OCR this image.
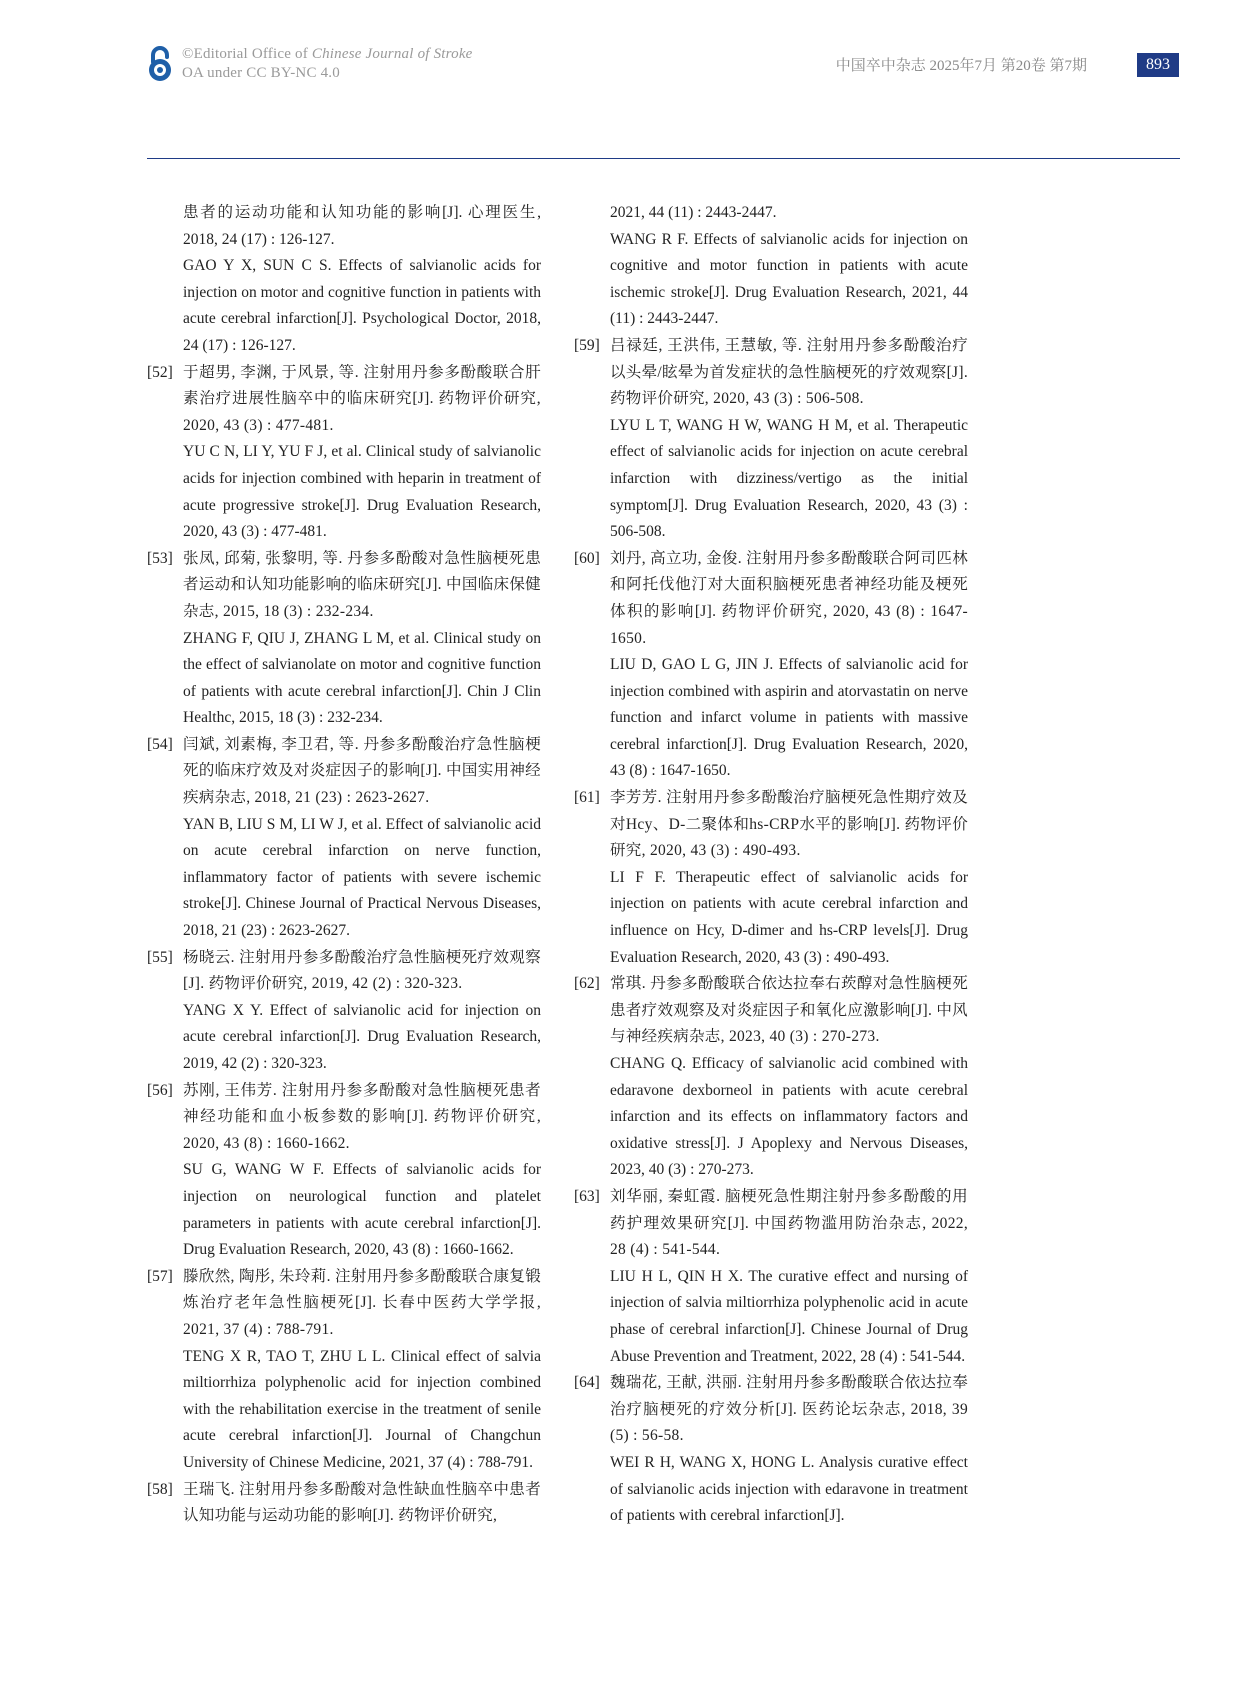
©Editorial Office of Chinese Journal of Stroke
OA under CC BY-NC 4.0	中国卒中杂志 2025年7月 第20卷 第7期	893

患者的运动功能和认知功能的影响[J]. 心理医生, 2018, 24 (17) : 126-127.

GAO Y X, SUN C S. Effects of salvianolic acids for injection on motor and cognitive function in patients with acute cerebral infarction[J]. Psychological Doctor, 2018, 24 (17) : 126-127.

[52] 于超男, 李渊, 于风景, 等. 注射用丹参多酚酸联合肝素治疗进展性脑卒中的临床研究[J]. 药物评价研究, 2020, 43 (3) : 477-481.

YU C N, LI Y, YU F J, et al. Clinical study of salvianolic acids for injection combined with heparin in treatment of acute progressive stroke[J]. Drug Evaluation Research, 2020, 43 (3) : 477-481.

[53] 张凤, 邱菊, 张黎明, 等. 丹参多酚酸对急性脑梗死患者运动和认知功能影响的临床研究[J]. 中国临床保健杂志, 2015, 18 (3) : 232-234.

ZHANG F, QIU J, ZHANG L M, et al. Clinical study on the effect of salvianolate on motor and cognitive function of patients with acute cerebral infarction[J]. Chin J Clin Healthc, 2015, 18 (3) : 232-234.

[54] 闫斌, 刘素梅, 李卫君, 等. 丹参多酚酸治疗急性脑梗死的临床疗效及对炎症因子的影响[J]. 中国实用神经疾病杂志, 2018, 21 (23) : 2623-2627.

YAN B, LIU S M, LI W J, et al. Effect of salvianolic acid on acute cerebral infarction on nerve function, inflammatory factor of patients with severe ischemic stroke[J]. Chinese Journal of Practical Nervous Diseases, 2018, 21 (23) : 2623-2627.

[55] 杨晓云. 注射用丹参多酚酸治疗急性脑梗死疗效观察[J]. 药物评价研究, 2019, 42 (2) : 320-323.

YANG X Y. Effect of salvianolic acid for injection on acute cerebral infarction[J]. Drug Evaluation Research, 2019, 42 (2) : 320-323.

[56] 苏刚, 王伟芳. 注射用丹参多酚酸对急性脑梗死患者神经功能和血小板参数的影响[J]. 药物评价研究, 2020, 43 (8) : 1660-1662.

SU G, WANG W F. Effects of salvianolic acids for injection on neurological function and platelet parameters in patients with acute cerebral infarction[J]. Drug Evaluation Research, 2020, 43 (8) : 1660-1662.

[57] 滕欣然, 陶彤, 朱玲莉. 注射用丹参多酚酸联合康复锻炼治疗老年急性脑梗死[J]. 长春中医药大学学报, 2021, 37 (4) : 788-791.

TENG X R, TAO T, ZHU L L. Clinical effect of salvia miltiorrhiza polyphenolic acid for injection combined with the rehabilitation exercise in the treatment of senile acute cerebral infarction[J]. Journal of Changchun University of Chinese Medicine, 2021, 37 (4) : 788-791.

[58] 王瑞飞. 注射用丹参多酚酸对急性缺血性脑卒中患者认知功能与运动功能的影响[J]. 药物评价研究,

2021, 44 (11) : 2443-2447.

WANG R F. Effects of salvianolic acids for injection on cognitive and motor function in patients with acute ischemic stroke[J]. Drug Evaluation Research, 2021, 44 (11) : 2443-2447.

[59] 吕禄廷, 王洪伟, 王慧敏, 等. 注射用丹参多酚酸治疗以头晕/眩晕为首发症状的急性脑梗死的疗效观察[J]. 药物评价研究, 2020, 43 (3) : 506-508.

LYU L T, WANG H W, WANG H M, et al. Therapeutic effect of salvianolic acids for injection on acute cerebral infarction with dizziness/vertigo as the initial symptom[J]. Drug Evaluation Research, 2020, 43 (3) : 506-508.

[60] 刘丹, 高立功, 金俊. 注射用丹参多酚酸联合阿司匹林和阿托伐他汀对大面积脑梗死患者神经功能及梗死体积的影响[J]. 药物评价研究, 2020, 43 (8) : 1647-1650.

LIU D, GAO L G, JIN J. Effects of salvianolic acid for injection combined with aspirin and atorvastatin on nerve function and infarct volume in patients with massive cerebral infarction[J]. Drug Evaluation Research, 2020, 43 (8) : 1647-1650.

[61] 李芳芳. 注射用丹参多酚酸治疗脑梗死急性期疗效及对Hcy、D-二聚体和hs-CRP水平的影响[J]. 药物评价研究, 2020, 43 (3) : 490-493.

LI F F. Therapeutic effect of salvianolic acids for injection on patients with acute cerebral infarction and influence on Hcy, D-dimer and hs-CRP levels[J]. Drug Evaluation Research, 2020, 43 (3) : 490-493.

[62] 常琪. 丹参多酚酸联合依达拉奉右莰醇对急性脑梗死患者疗效观察及对炎症因子和氧化应激影响[J]. 中风与神经疾病杂志, 2023, 40 (3) : 270-273.

CHANG Q. Efficacy of salvianolic acid combined with edaravone dexborneol in patients with acute cerebral infarction and its effects on inflammatory factors and oxidative stress[J]. J Apoplexy and Nervous Diseases, 2023, 40 (3) : 270-273.

[63] 刘华丽, 秦虹霞. 脑梗死急性期注射丹参多酚酸的用药护理效果研究[J]. 中国药物滥用防治杂志, 2022, 28 (4) : 541-544.

LIU H L, QIN H X. The curative effect and nursing of injection of salvia miltiorrhiza polyphenolic acid in acute phase of cerebral infarction[J]. Chinese Journal of Drug Abuse Prevention and Treatment, 2022, 28 (4) : 541-544.

[64] 魏瑞花, 王献, 洪丽. 注射用丹参多酚酸联合依达拉奉治疗脑梗死的疗效分析[J]. 医药论坛杂志, 2018, 39 (5) : 56-58.

WEI R H, WANG X, HONG L. Analysis curative effect of salvianolic acids injection with edaravone in treatment of patients with cerebral infarction[J].
